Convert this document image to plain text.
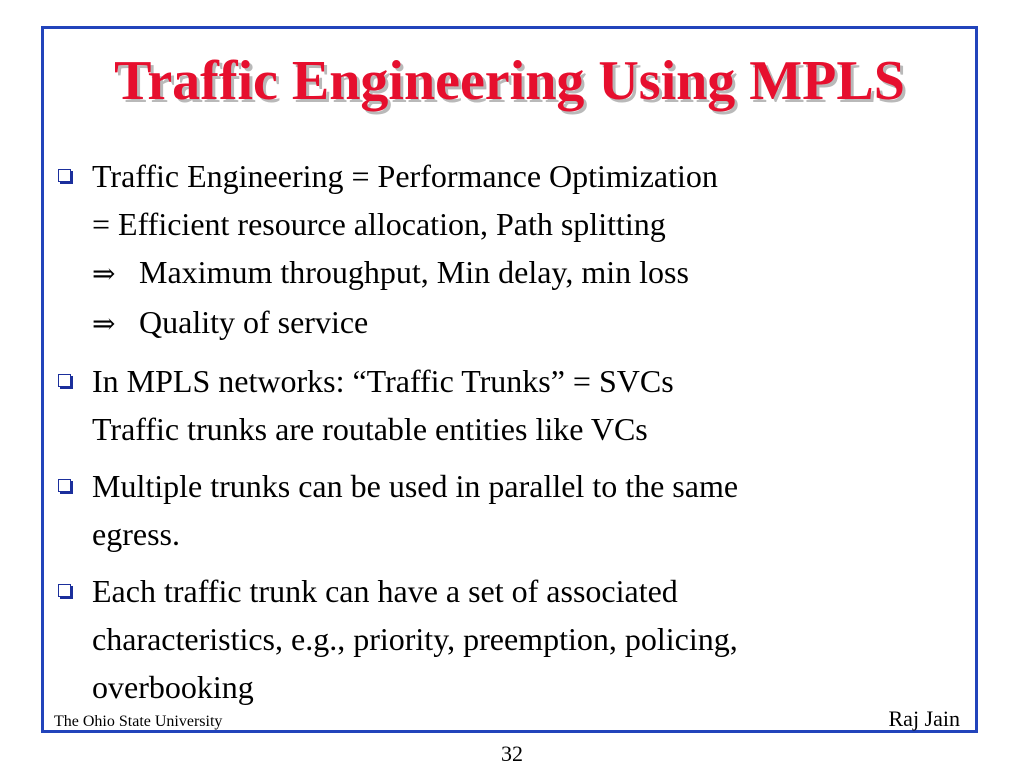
Traffic Engineering Using MPLS
Traffic Engineering = Performance Optimization
= Efficient resource allocation, Path splitting
⇒ Maximum throughput, Min delay, min loss
⇒ Quality of service
In MPLS networks: “Traffic Trunks” = SVCs
Traffic trunks are routable entities like VCs
Multiple trunks can be used in parallel to the same
egress.
Each traffic trunk can have a set of associated
characteristics, e.g., priority, preemption, policing,
overbooking
The Ohio State University	Raj Jain
32
